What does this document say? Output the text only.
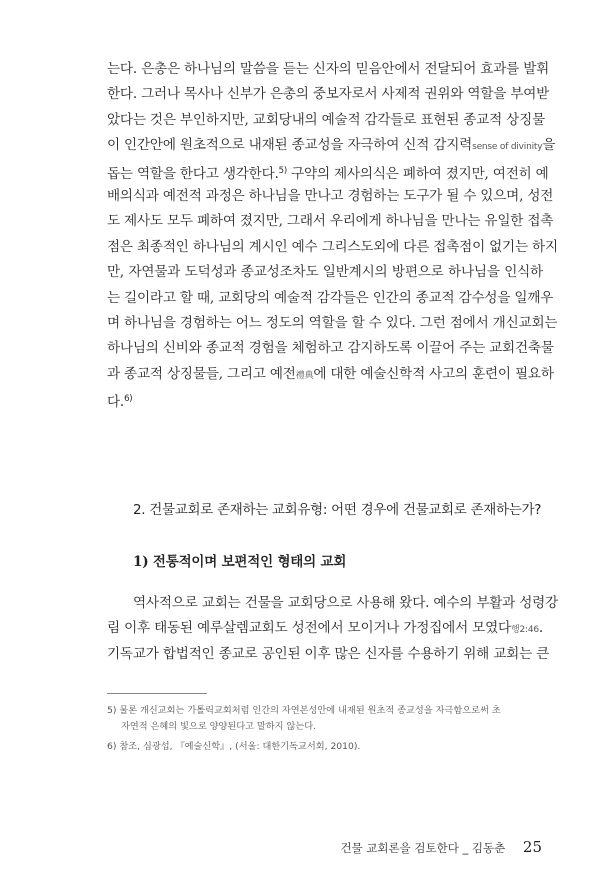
는다. 은총은 하나님의 말씀을 듣는 신자의 믿음안에서 전달되어 효과를 발휘
한다. 그러나 목사나 신부가 은총의 중보자로서 사제적 권위와 역할을 부여받
았다는 것은 부인하지만, 교회당내의 예술적 감각들로 표현된 종교적 상징물
이 인간안에 원초적으로 내재된 종교성을 자극하여 신적 감지력sense of divinity을
돕는 역할을 한다고 생각한다.$^{5)}$ 구약의 제사의식은 폐하여 졌지만, 여전히 예
배의식과 예전적 과정은 하나님을 만나고 경험하는 도구가 될 수 있으며, 성전
도 제사도 모두 폐하여 졌지만, 그래서 우리에게 하나님을 만나는 유일한 접촉
점은 최종적인 하나님의 계시인 예수 그리스도외에 다른 접촉점이 없기는 하지
만, 자연물과 도덕성과 종교성조차도 일반계시의 방편으로 하나님을 인식하
는 길이라고 할 때, 교회당의 예술적 감각들은 인간의 종교적 감수성을 일깨우
며 하나님을 경험하는 어느 정도의 역할을 할 수 있다. 그런 점에서 개신교회는
하나님의 신비와 종교적 경험을 체험하고 감지하도록 이끌어 주는 교회건축물
과 종교적 상징물들, 그리고 예전禮典에 대한 예술신학적 사고의 훈련이 필요하
다.$^{6)}$
2. 건물교회로 존재하는 교회유형: 어떤 경우에 건물교회로 존재하는가?
1) 전통적이며 보편적인 형태의 교회
역사적으로 교회는 건물을 교회당으로 사용해 왔다. 예수의 부활과 성령강
림 이후 태동된 예루살렘교회도 성전에서 모이거나 가정집에서 모였다행2:46.
기독교가 합법적인 종교로 공인된 이후 많은 신자를 수용하기 위해 교회는 큰
5) 물론 개신교회는 가톨릭교회처럼 인간의 자연본성안에 내재된 원초적 종교성을 자극함으로써 초
자연적 은혜의 빛으로 양양된다고 말하지 않는다.
6) 참조, 심광섭, 『예술신학』, (서울: 대한기독교서회, 2010).
건물 교회론을 검토한다 _ 김동춘 25
